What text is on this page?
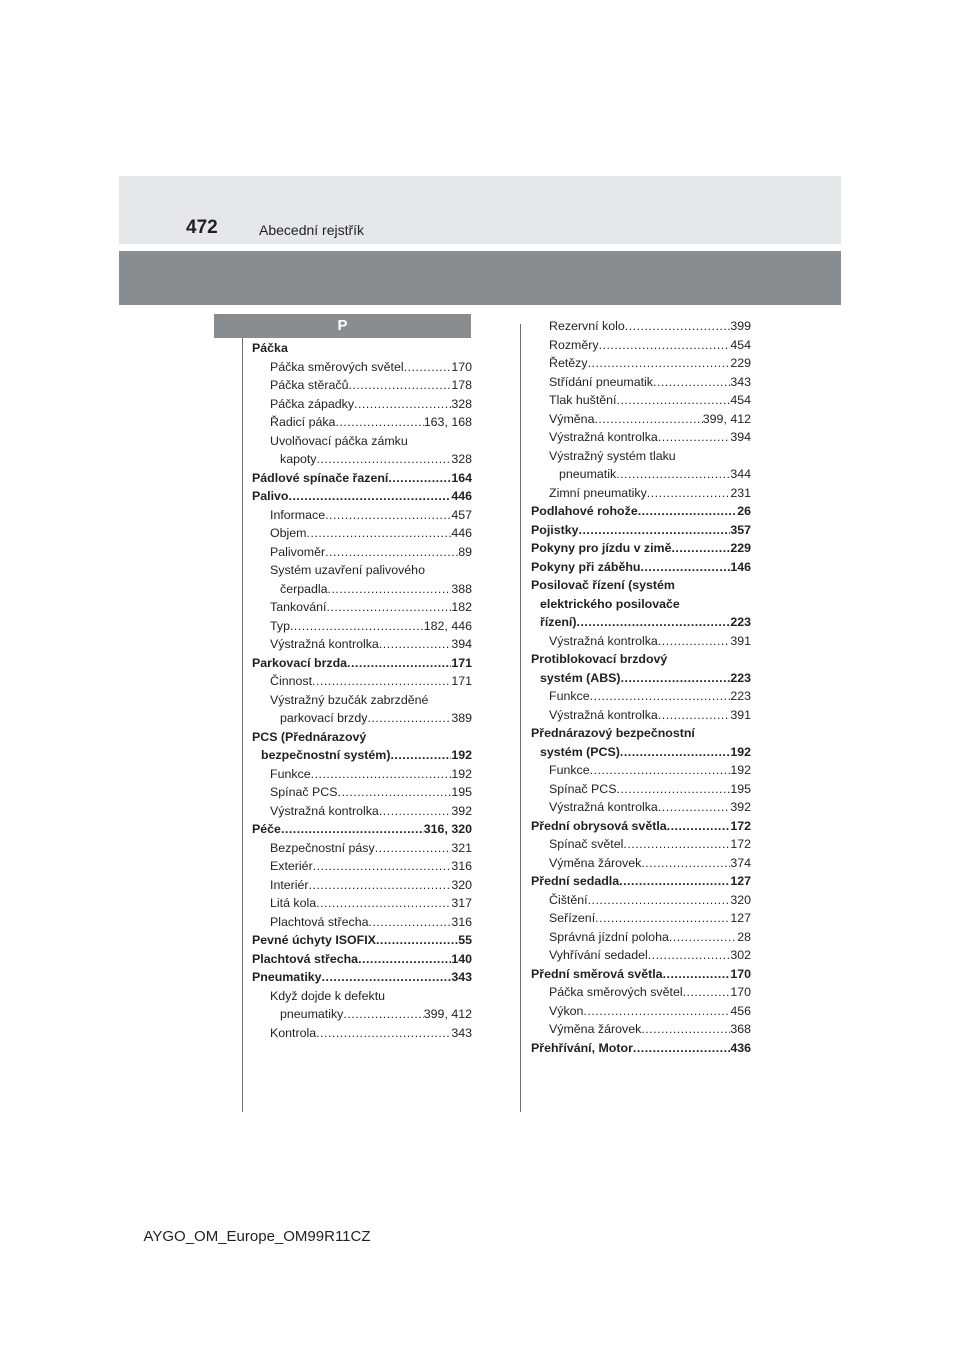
472	Abecední rejstřík
P
Páčka
Páčka směrových světel .....	170
Páčka stěračů .....	178
Páčka západky .....	328
Řadicí páka .....	163, 168
Uvolňovací páčka zámku
kapoty .....	328
Pádlové spínače řazení .....	164
Palivo .....	446
Informace .....	457
Objem .....	446
Palivoměr .....	89
Systém uzavření palivového
čerpadla .....	388
Tankování .....	182
Typ .....	182, 446
Výstražná kontrolka .....	394
Parkovací brzda .....	171
Činnost .....	171
Výstražný bzučák zabrzděné
parkovací brzdy .....	389
PCS (Přednárazový
bezpečnostní systém) .....	192
Funkce .....	192
Spínač PCS .....	195
Výstražná kontrolka .....	392
Péče .....	316, 320
Bezpečnostní pásy .....	321
Exteriér .....	316
Interiér .....	320
Litá kola .....	317
Plachtová střecha .....	316
Pevné úchyty ISOFIX .....	55
Plachtová střecha .....	140
Pneumatiky .....	343
Když dojde k defektu
pneumatiky .....	399, 412
Kontrola .....	343
Rezervní kolo .....	399
Rozměry .....	454
Řetězy .....	229
Střídání pneumatik .....	343
Tlak huštění .....	454
Výměna .....	399, 412
Výstražná kontrolka .....	394
Výstražný systém tlaku
pneumatik .....	344
Zimní pneumatiky .....	231
Podlahové rohože .....	26
Pojistky .....	357
Pokyny pro jízdu v zimě .....	229
Pokyny při záběhu .....	146
Posilovač řízení (systém
elektrického posilovače
řízení) .....	223
Výstražná kontrolka .....	391
Protiblokovací brzdový
systém (ABS) .....	223
Funkce .....	223
Výstražná kontrolka .....	391
Přednárazový bezpečnostní
systém (PCS) .....	192
Funkce .....	192
Spínač PCS .....	195
Výstražná kontrolka .....	392
Přední obrysová světla .....	172
Spínač světel .....	172
Výměna žárovek .....	374
Přední sedadla .....	127
Čištění .....	320
Seřízení .....	127
Správná jízdní poloha .....	28
Vyhřívání sedadel .....	302
Přední směrová světla .....	170
Páčka směrových světel .....	170
Výkon .....	456
Výměna žárovek .....	368
Přehřívání, Motor .....	436
AYGO_OM_Europe_OM99R11CZ
